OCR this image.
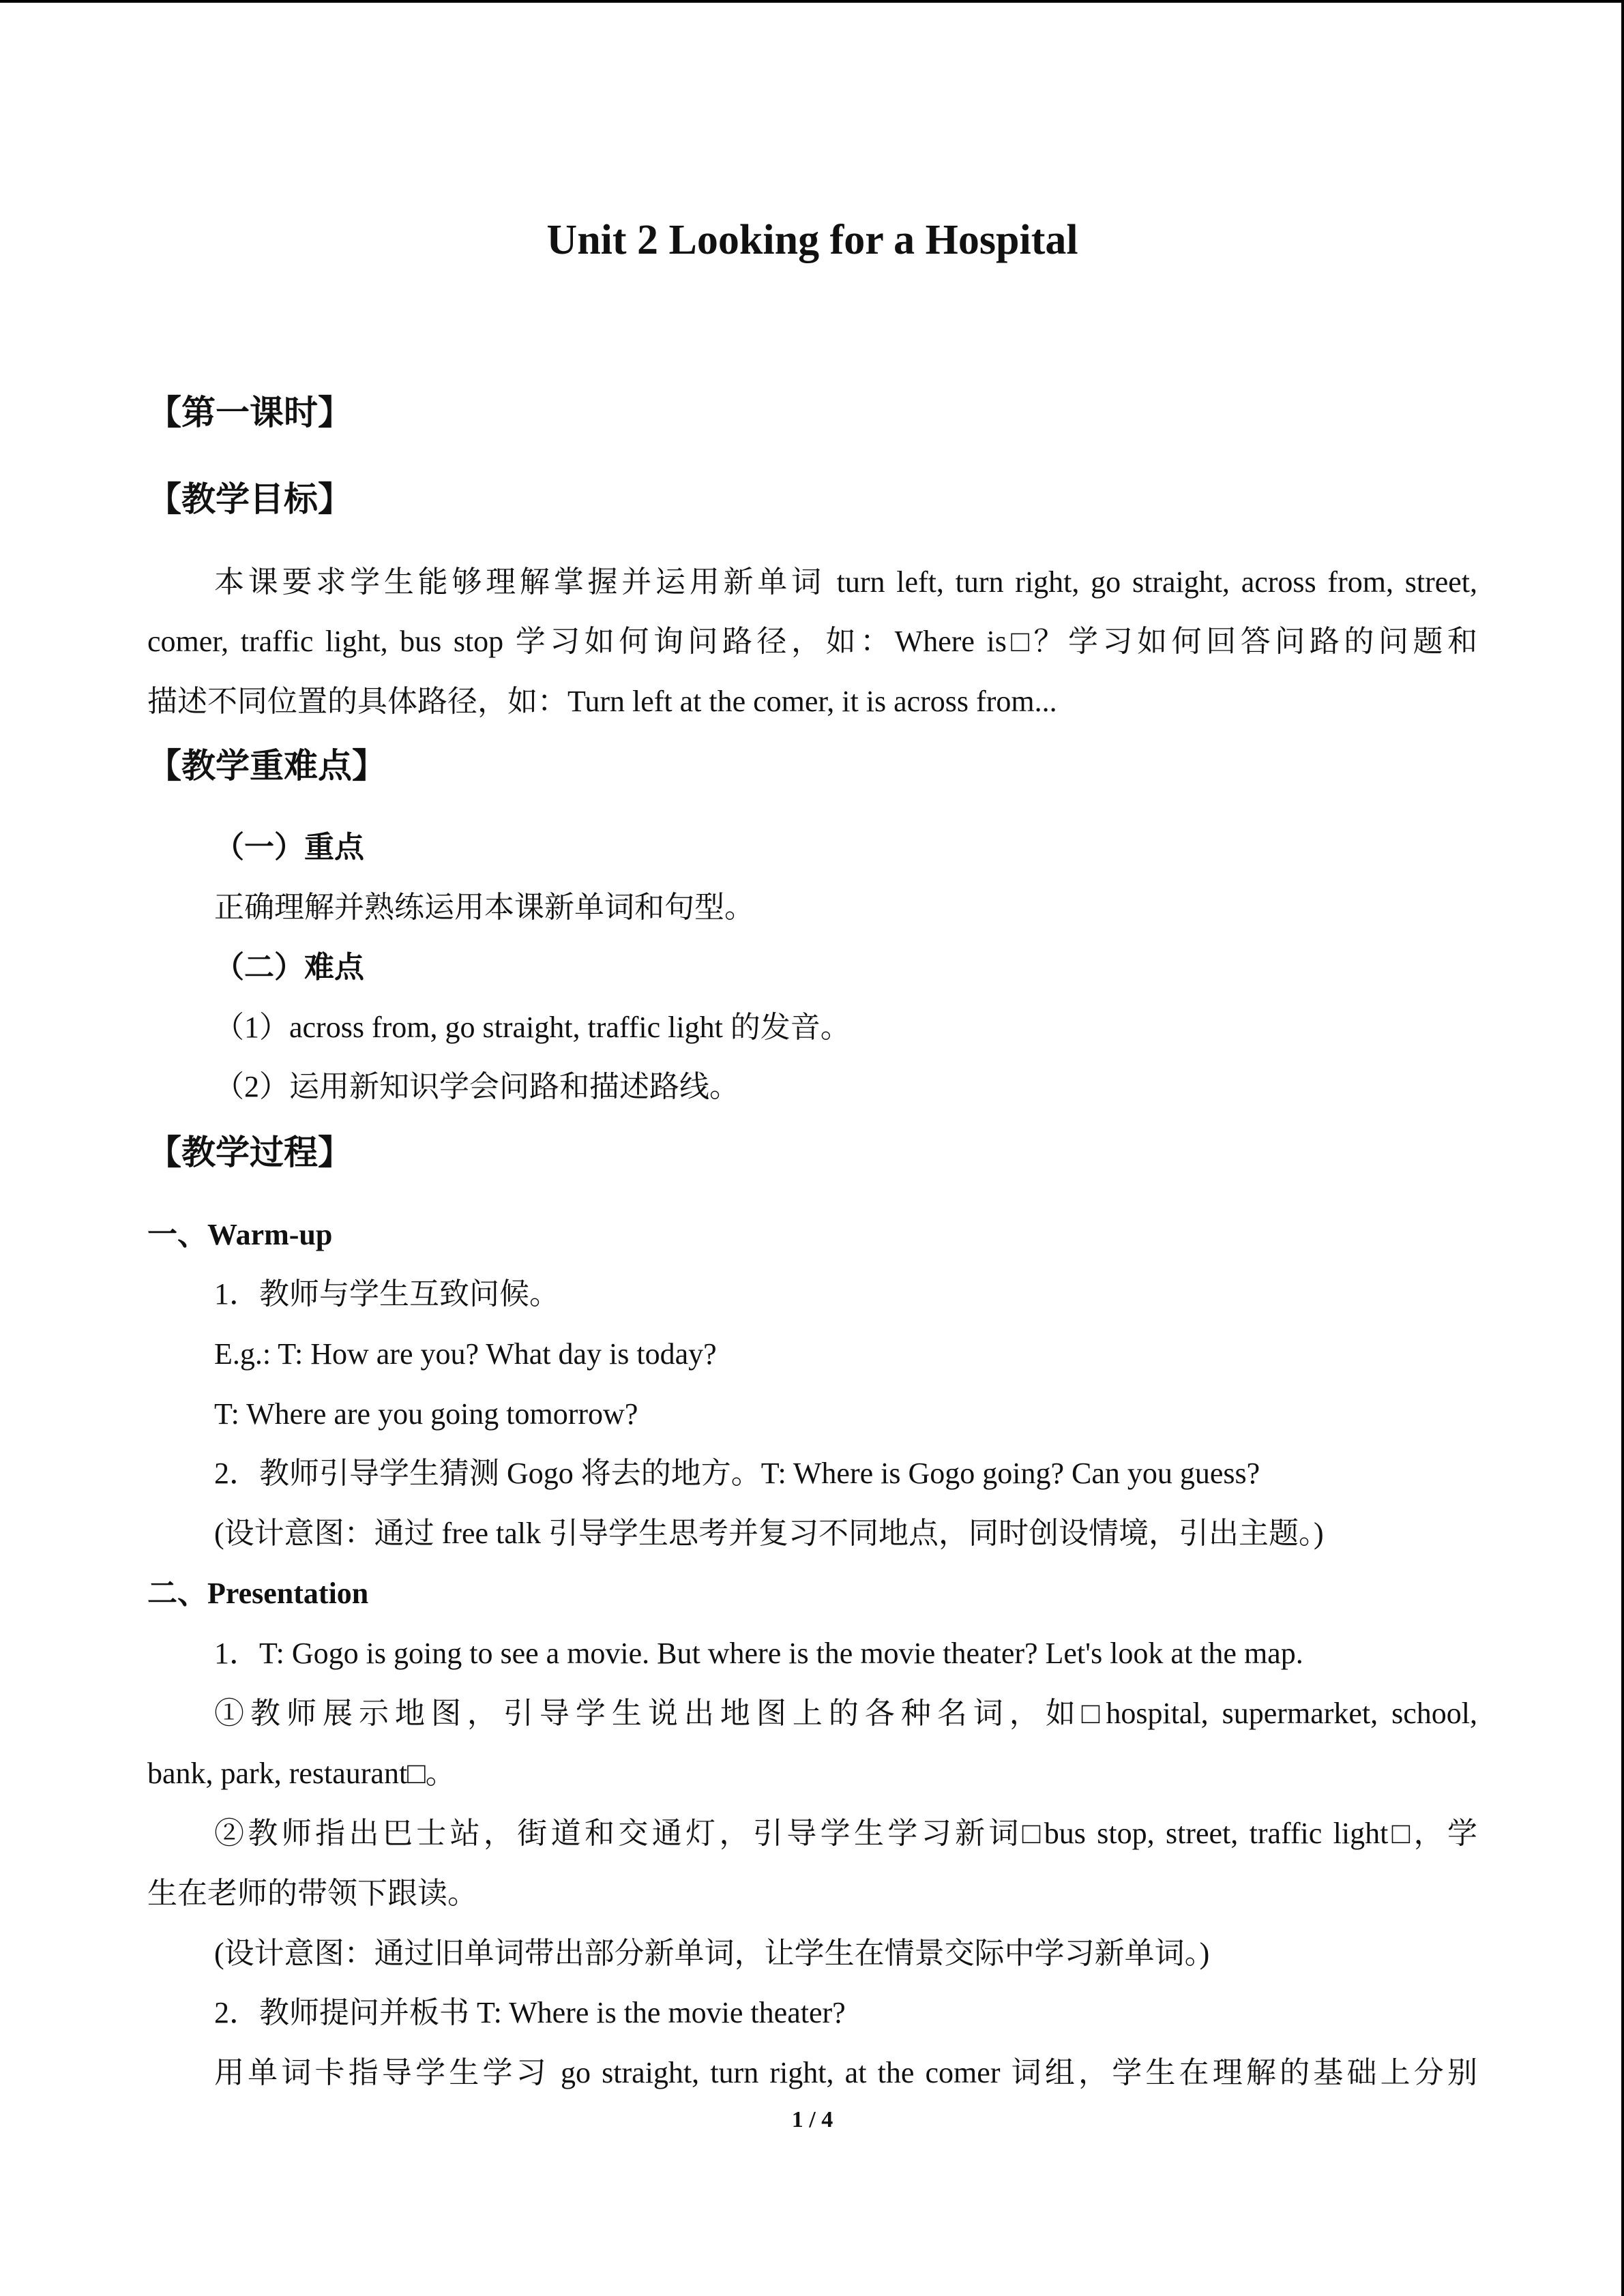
Unit 2 Looking for a Hospital
【第一课时】
【教学目标】
本课要求学生能够理解掌握并运用新单词 turn left, turn right, go straight, across from, street,
comer, traffic light, bus stop 学习如何询问路径，如：Where is□？学习如何回答问路的问题和
描述不同位置的具体路径，如：Turn left at the comer, it is across from...
【教学重难点】
（一）重点
正确理解并熟练运用本课新单词和句型。
（二）难点
（1）across from, go straight, traffic light 的发音。
（2）运用新知识学会问路和描述路线。
【教学过程】
一、Warm-up
1．教师与学生互致问候。
E.g.: T: How are you? What day is today?
T: Where are you going tomorrow?
2．教师引导学生猜测 Gogo 将去的地方。T: Where is Gogo going? Can you guess?
(设计意图：通过 free talk 引导学生思考并复习不同地点，同时创设情境，引出主题。)
二、Presentation
1．T: Gogo is going to see a movie. But where is the movie theater? Let's look at the map.
①教师展示地图，引导学生说出地图上的各种名词，如□hospital, supermarket, school,
bank, park, restaurant□。
②教师指出巴士站，街道和交通灯，引导学生学习新词□bus stop, street, traffic light□，学
生在老师的带领下跟读。
(设计意图：通过旧单词带出部分新单词，让学生在情景交际中学习新单词。)
2．教师提问并板书 T: Where is the movie theater?
用单词卡指导学生学习 go straight, turn right, at the comer 词组，学生在理解的基础上分别
1 / 4
